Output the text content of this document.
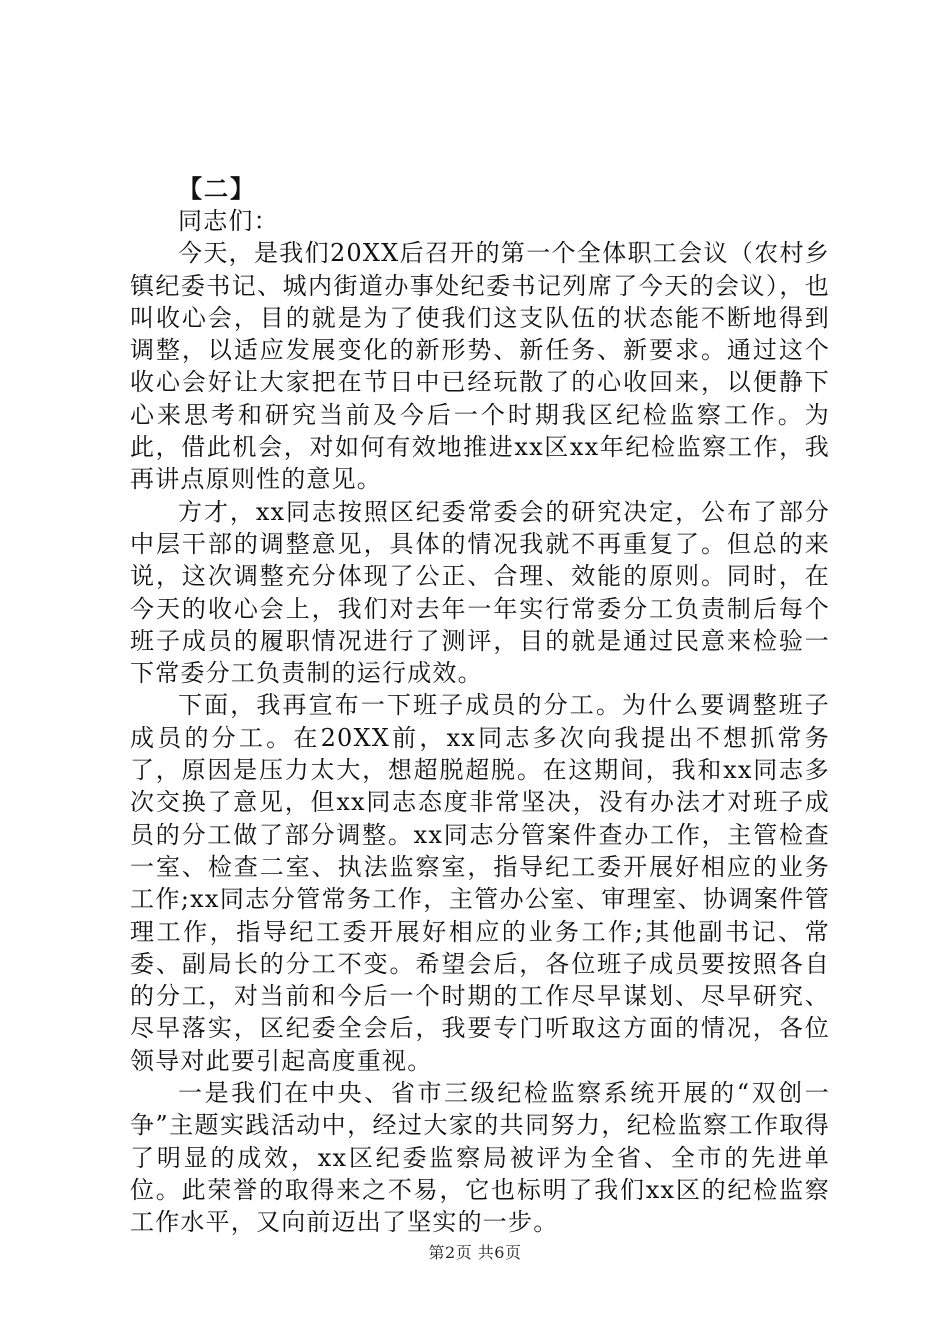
【二】

同志们：

今天，是我们20XX后召开的第一个全体职工会议（农村乡镇纪委书记、城内街道办事处纪委书记列席了今天的会议），也叫收心会，目的就是为了使我们这支队伍的状态能不断地得到调整，以适应发展变化的新形势、新任务、新要求。通过这个收心会好让大家把在节日中已经玩散了的心收回来，以便静下心来思考和研究当前及今后一个时期我区纪检监察工作。为此，借此机会，对如何有效地推进xx区xx年纪检监察工作，我再讲点原则性的意见。

方才，xx同志按照区纪委常委会的研究决定，公布了部分中层干部的调整意见，具体的情况我就不再重复了。但总的来说，这次调整充分体现了公正、合理、效能的原则。同时，在今天的收心会上，我们对去年一年实行常委分工负责制后每个班子成员的履职情况进行了测评，目的就是通过民意来检验一下常委分工负责制的运行成效。

下面，我再宣布一下班子成员的分工。为什么要调整班子成员的分工。在20XX前，xx同志多次向我提出不想抓常务了，原因是压力太大，想超脱超脱。在这期间，我和xx同志多次交换了意见，但xx同志态度非常坚决，没有办法才对班子成员的分工做了部分调整。xx同志分管案件查办工作，主管检查一室、检查二室、执法监察室，指导纪工委开展好相应的业务工作;xx同志分管常务工作，主管办公室、审理室、协调案件管理工作，指导纪工委开展好相应的业务工作;其他副书记、常委、副局长的分工不变。希望会后，各位班子成员要按照各自的分工，对当前和今后一个时期的工作尽早谋划、尽早研究、尽早落实，区纪委全会后，我要专门听取这方面的情况，各位领导对此要引起高度重视。

一是我们在中央、省市三级纪检监察系统开展的“双创一争”主题实践活动中，经过大家的共同努力，纪检监察工作取得了明显的成效，xx区纪委监察局被评为全省、全市的先进单位。此荣誉的取得来之不易，它也标明了我们xx区的纪检监察工作水平，又向前迈出了坚实的一步。

第2页 共6页
